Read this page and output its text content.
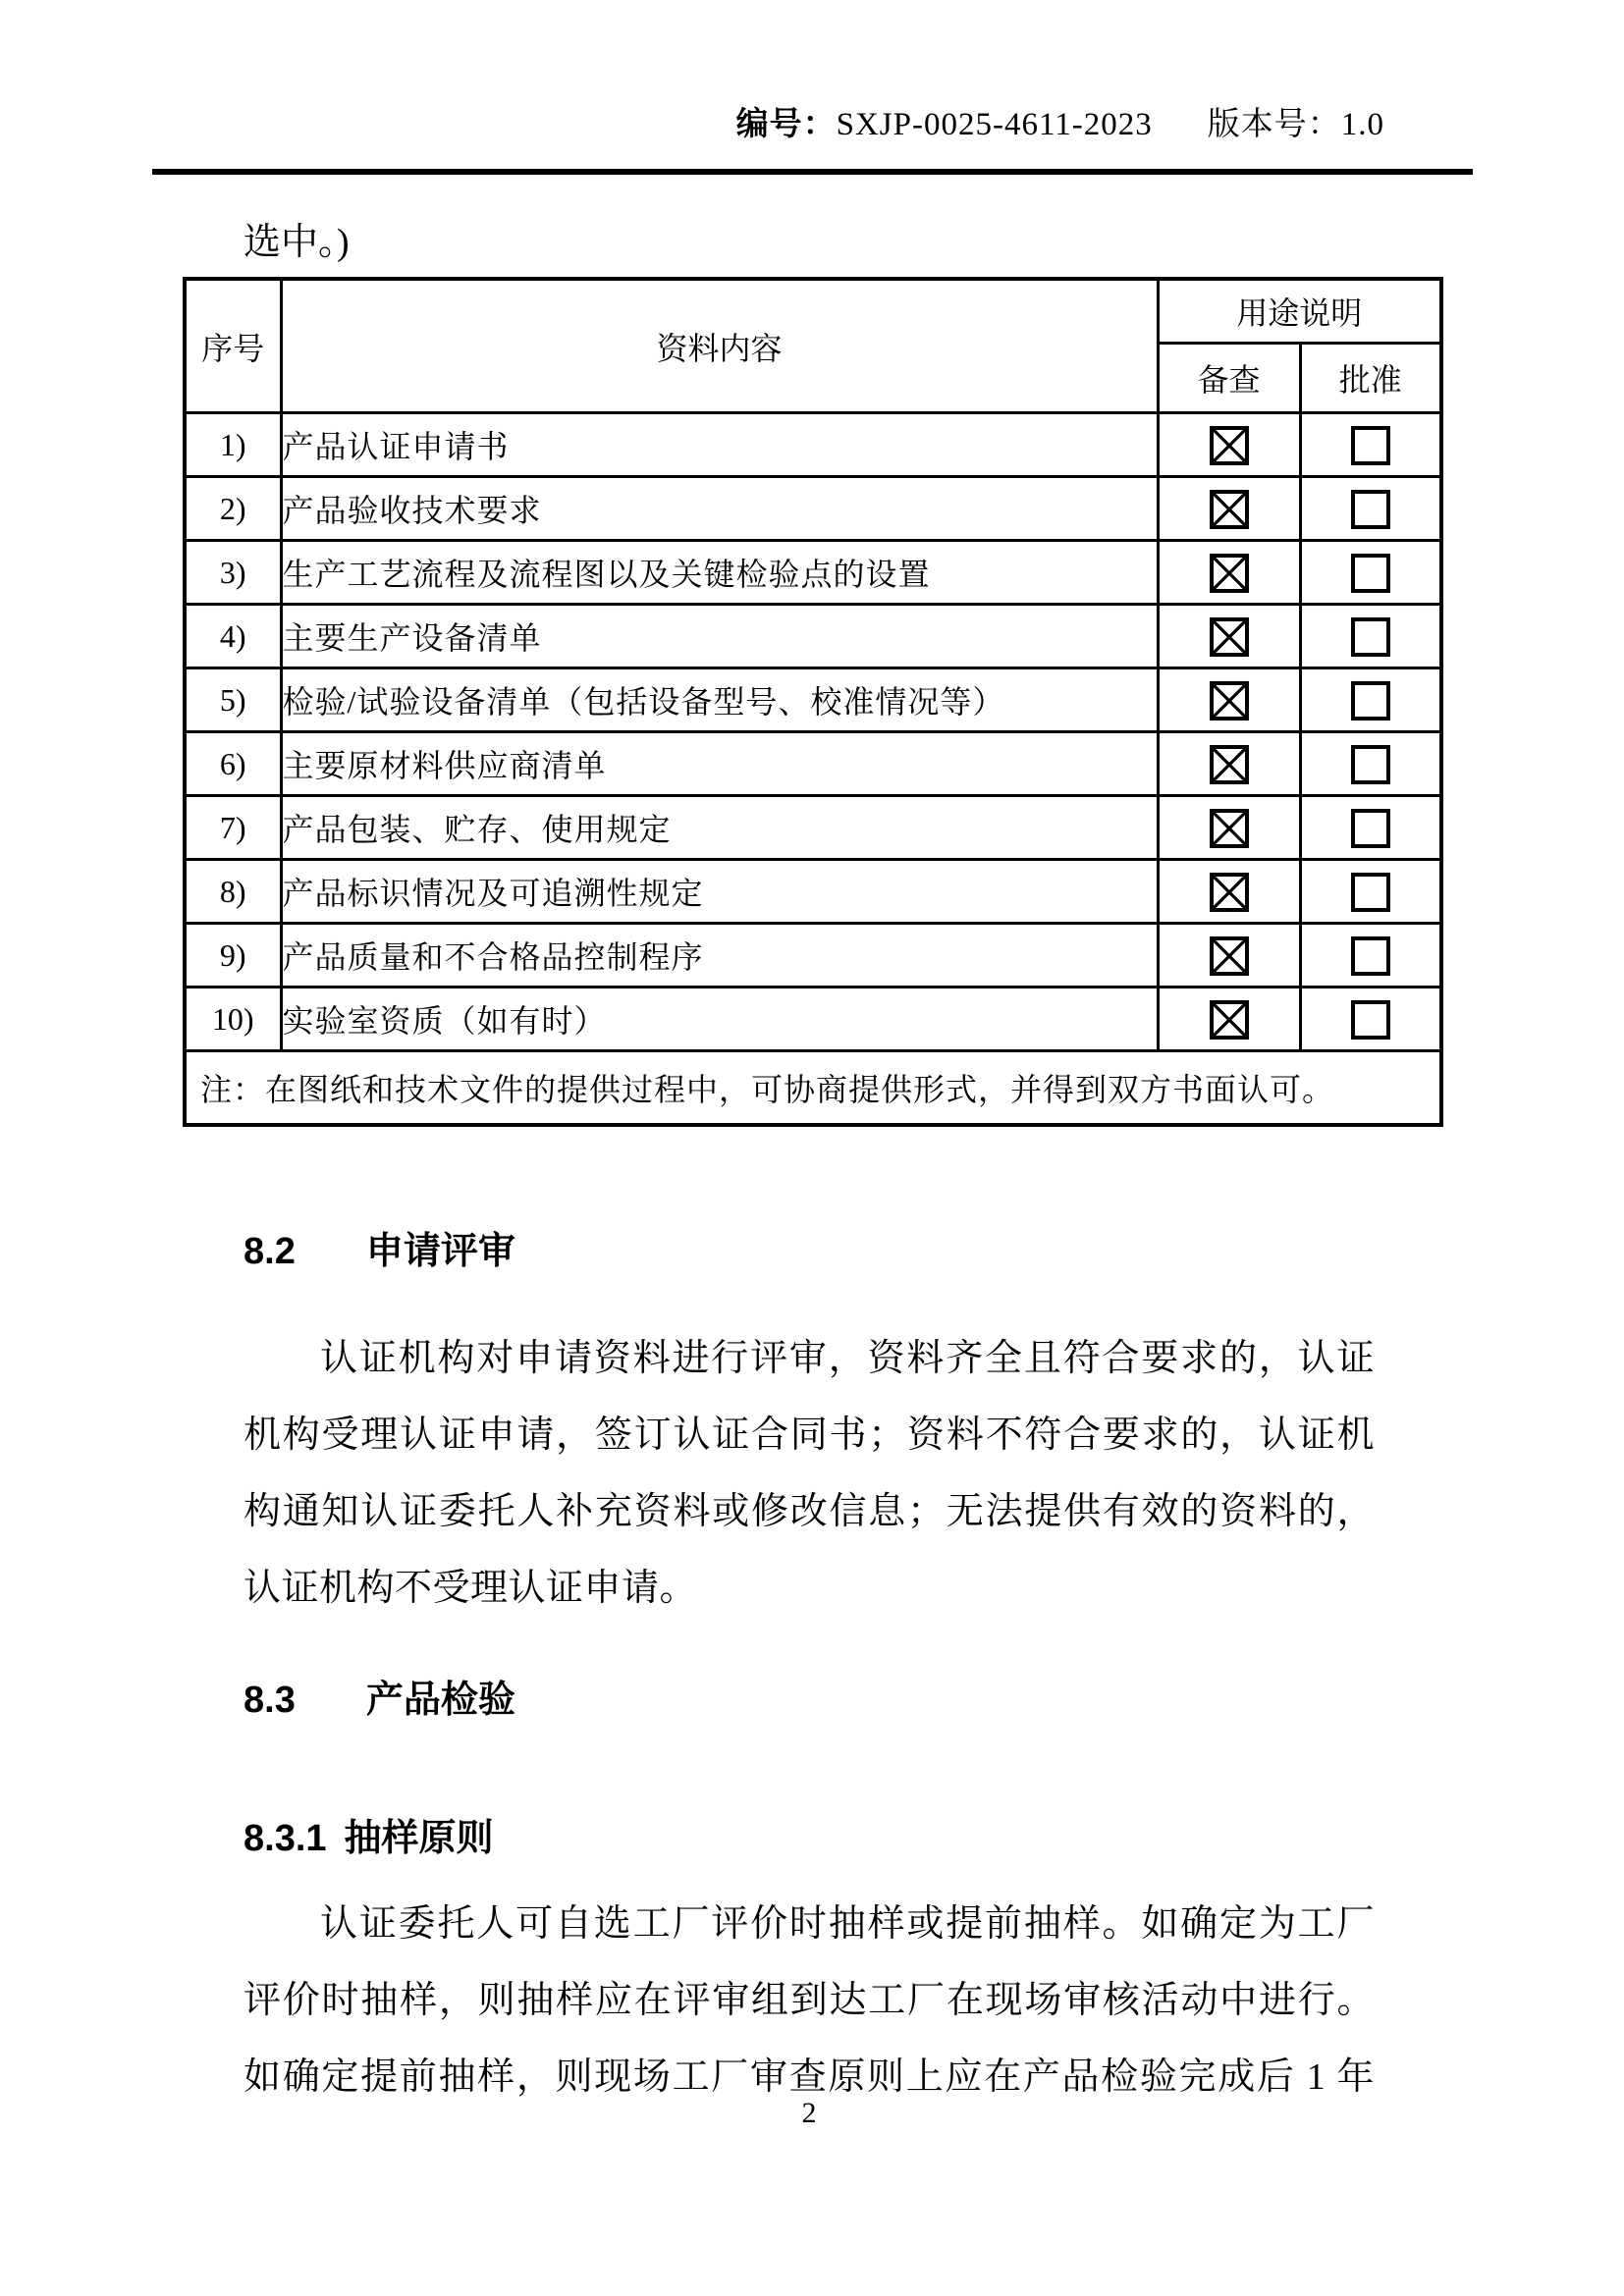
编号：SXJP-0025-4611-2023 版本号：1.0
选中。)
序号	资料内容	用途说明	
		备查	批准
1)	产品认证申请书		
2)	产品验收技术要求		
3)	生产工艺流程及流程图以及关键检验点的设置		
4)	主要生产设备清单		
5)	检验/试验设备清单（包括设备型号、校准情况等）		
6)	主要原材料供应商清单		
7)	产品包装、贮存、使用规定		
8)	产品标识情况及可追溯性规定		
9)	产品质量和不合格品控制程序		
10)	实验室资质（如有时）		
注：在图纸和技术文件的提供过程中，可协商提供形式，并得到双方书面认可。			
8.2 申请评审
认证机构对申请资料进行评审，资料齐全且符合要求的，认证
机构受理认证申请，签订认证合同书；资料不符合要求的，认证机
构通知认证委托人补充资料或修改信息；无法提供有效的资料的，
认证机构不受理认证申请。
8.3 产品检验
8.3.1 抽样原则
认证委托人可自选工厂评价时抽样或提前抽样。如确定为工厂
评价时抽样，则抽样应在评审组到达工厂在现场审核活动中进行。
如确定提前抽样，则现场工厂审查原则上应在产品检验完成后 1 年
2
